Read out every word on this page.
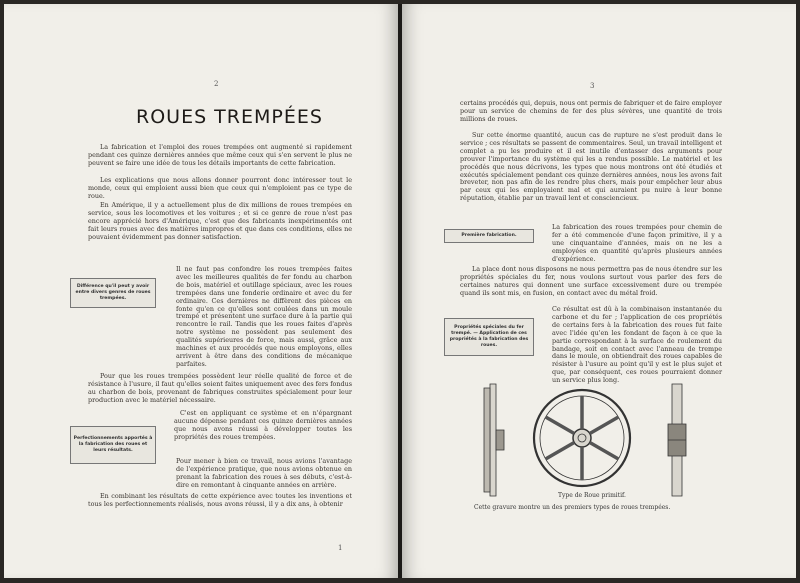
2
ROUES TREMPÉES

La fabrication et l'emploi des roues trempées ont augmenté si rapidement pendant ces quinze dernières années que même ceux qui s'en servent le plus ne peuvent se faire une idée de tous les détails importants de cette fabrication.

Les explications que nous allons donner pourront donc intéresser tout le monde, ceux qui emploient aussi bien que ceux qui n'emploient pas ce type de roue.

En Amérique, il y a actuellement plus de dix millions de roues trempées en service, sous les locomotives et les voitures ; et si ce genre de roue n'est pas encore apprécié hors d'Amérique, c'est que des fabricants inexpérimentés ont fait leurs roues avec des matières impropres et que dans ces conditions, elles ne pouvaient évidemment pas donner satisfaction.

Différence qu'il peut y avoir entre divers genres de roues trempées.

Il ne faut pas confondre les roues trempées faites avec les meilleures qualités de fer fondu au charbon de bois, matériel et outillage spéciaux, avec les roues trempées dans une fonderie ordinaire et avec du fer ordinaire. Ces dernières ne diffèrent des pièces en fonte qu'en ce qu'elles sont coulées dans un moule trempé et présentent une surface dure à la partie qui rencontre le rail. Tandis que les roues faites d'après notre système ne possèdent pas seulement des qualités supérieures de force, mais aussi, grâce aux machines et aux procédés que nous employons, elles arrivent à être dans des conditions de mécanique parfaites.

Pour que les roues trempées possèdent leur réelle qualité de force et de résistance à l'usure, il faut qu'elles soient faites uniquement avec des fers fondus au charbon de bois, provenant de fabriques construites spécialement pour leur production avec le matériel nécessaire.

Perfectionnements apportés à la fabrication des roues et leurs résultats.

C'est en appliquant ce système et en n'épargnant aucune dépense pendant ces quinze dernières années que nous avons réussi à développer toutes les propriétés des roues trempées.

Pour mener à bien ce travail, nous avions l'avantage de l'expérience pratique, que nous avions obtenue en prenant la fabrication des roues à ses débuts, c'est-à-dire en remontant à cinquante années en arrière.

En combinant les résultats de cette expérience avec toutes les inventions et tous les perfectionnements réalisés, nous avons réussi, il y a dix ans, à obtenir

1
3

certains procédés qui, depuis, nous ont permis de fabriquer et de faire employer pour un service de chemins de fer des plus sévères, une quantité de trois millions de roues.

Sur cette énorme quantité, aucun cas de rupture ne s'est produit dans le service ; ces résultats se passent de commentaires. Seul, un travail intelligent et complet a pu les produire et il est inutile d'entasser des arguments pour prouver l'importance du système qui les a rendus possible. Le matériel et les procédés que nous décrivons, les types que nous montrons ont été étudiés et exécutés spécialement pendant ces quinze dernières années, nous les avons fait breveter, non pas afin de les rendre plus chers, mais pour empêcher leur abus par ceux qui les employaient mal et qui auraient pu nuire à leur bonne réputation, établie par un travail lent et consciencieux.

Première fabrication.

La fabrication des roues trempées pour chemin de fer a été commencée d'une façon primitive, il y a une cinquantaine d'années, mais on ne les a employées en quantité qu'après plusieurs années d'expérience.

La place dont nous disposons ne nous permettra pas de nous étendre sur les propriétés spéciales du fer, nous voulons surtout vous parler des fers de certaines natures qui donnent une surface excessivement dure ou trempée quand ils sont mis, en fusion, en contact avec du métal froid.

Propriétés spéciales du fer trempé. — Application de ces propriétés à la fabrication des roues.

Ce résultat est dû à la combinaison instantanée du carbone et du fer ; l'application de ces propriétés de certains fers à la fabrication des roues fut faite avec l'idée qu'en les fondant de façon à ce que la partie correspondant à la surface de roulement du bandage, soit en contact avec l'anneau de trempe dans le moule, on obtiendrait des roues capables de résister à l'usure au point qu'il y est le plus sujet et que, par conséquent, ces roues pourraient donner un service plus long.

Type de Roue primitif.
Cette gravure montre un des premiers types de roues trempées.
